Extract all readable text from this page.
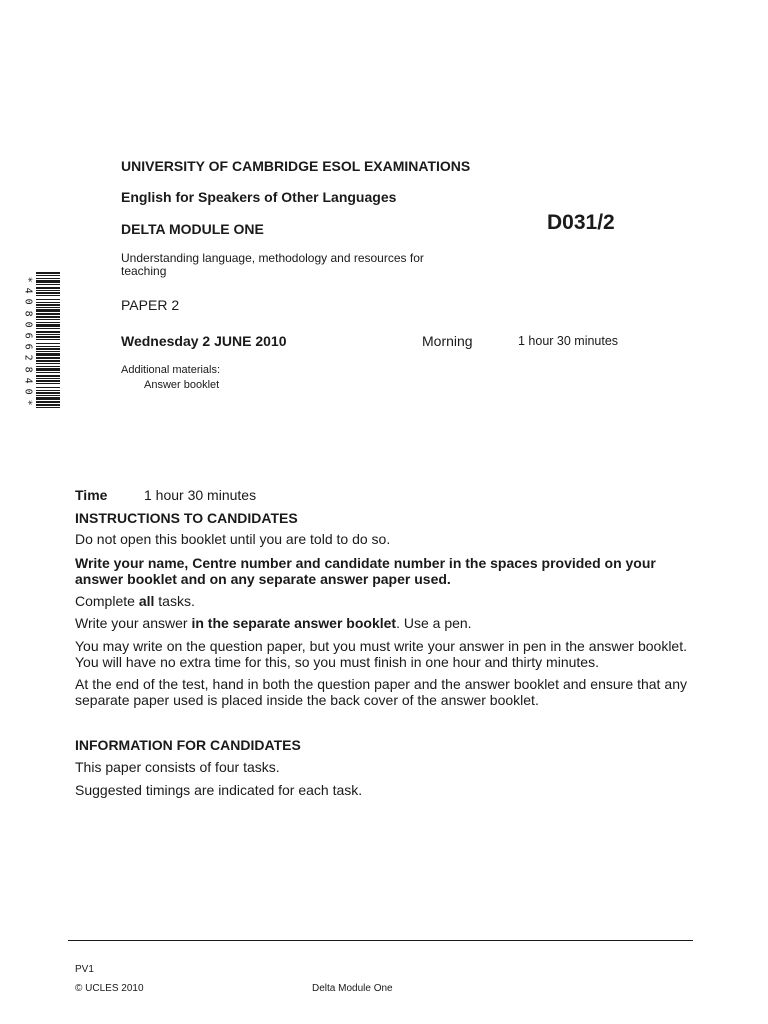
UNIVERSITY OF CAMBRIDGE ESOL EXAMINATIONS
English for Speakers of Other Languages
DELTA MODULE ONE	D031/2
Understanding language, methodology and resources for teaching
PAPER 2
Wednesday 2 JUNE 2010	Morning	1 hour 30 minutes
Additional materials:
Answer booklet
*
4
0
8
0
6
6
2
8
4
0
*
Time	1 hour 30 minutes
INSTRUCTIONS TO CANDIDATES
Do not open this booklet until you are told to do so.
Write your name, Centre number and candidate number in the spaces provided on your answer booklet and on any separate answer paper used.
Complete all tasks.
Write your answer in the separate answer booklet. Use a pen.
You may write on the question paper, but you must write your answer in pen in the answer booklet. You will have no extra time for this, so you must finish in one hour and thirty minutes.
At the end of the test, hand in both the question paper and the answer booklet and ensure that any separate paper used is placed inside the back cover of the answer booklet.
INFORMATION FOR CANDIDATES
This paper consists of four tasks.
Suggested timings are indicated for each task.
PV1
© UCLES 2010	Delta Module One
